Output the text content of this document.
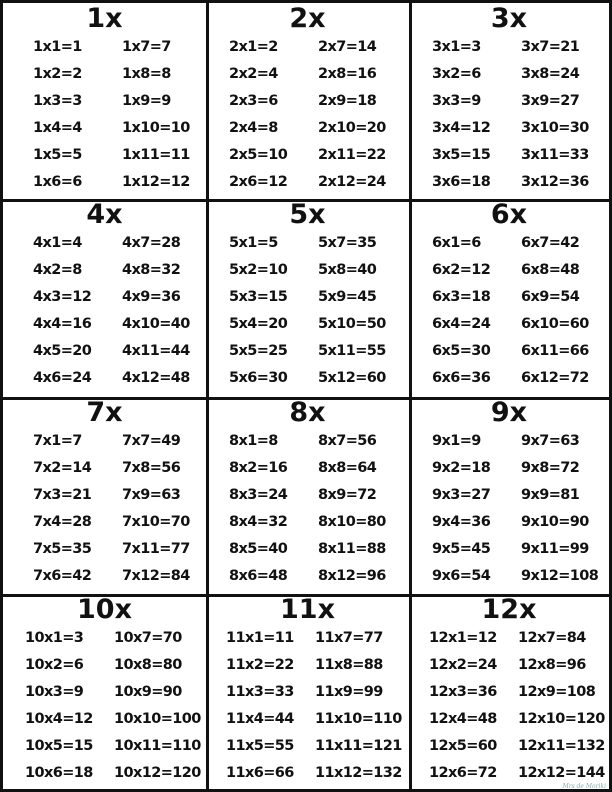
1x
1x1=1
1x2=2
1x3=3
1x4=4
1x5=5
1x6=6
1x7=7
1x8=8
1x9=9
1x10=10
1x11=11
1x12=12
2x
2x1=2
2x2=4
2x3=6
2x4=8
2x5=10
2x6=12
2x7=14
2x8=16
2x9=18
2x10=20
2x11=22
2x12=24
3x
3x1=3
3x2=6
3x3=9
3x4=12
3x5=15
3x6=18
3x7=21
3x8=24
3x9=27
3x10=30
3x11=33
3x12=36
4x
4x1=4
4x2=8
4x3=12
4x4=16
4x5=20
4x6=24
4x7=28
4x8=32
4x9=36
4x10=40
4x11=44
4x12=48
5x
5x1=5
5x2=10
5x3=15
5x4=20
5x5=25
5x6=30
5x7=35
5x8=40
5x9=45
5x10=50
5x11=55
5x12=60
6x
6x1=6
6x2=12
6x3=18
6x4=24
6x5=30
6x6=36
6x7=42
6x8=48
6x9=54
6x10=60
6x11=66
6x12=72
7x
7x1=7
7x2=14
7x3=21
7x4=28
7x5=35
7x6=42
7x7=49
7x8=56
7x9=63
7x10=70
7x11=77
7x12=84
8x
8x1=8
8x2=16
8x3=24
8x4=32
8x5=40
8x6=48
8x7=56
8x8=64
8x9=72
8x10=80
8x11=88
8x12=96
9x
9x1=9
9x2=18
9x3=27
9x4=36
9x5=45
9x6=54
9x7=63
9x8=72
9x9=81
9x10=90
9x11=99
9x12=108
10x
10x1=3
10x2=6
10x3=9
10x4=12
10x5=15
10x6=18
10x7=70
10x8=80
10x9=90
10x10=100
10x11=110
10x12=120
11x
11x1=11
11x2=22
11x3=33
11x4=44
11x5=55
11x6=66
11x7=77
11x8=88
11x9=99
11x10=110
11x11=121
11x12=132
12x
12x1=12
12x2=24
12x3=36
12x4=48
12x5=60
12x6=72
12x7=84
12x8=96
12x9=108
12x10=120
12x11=132
12x12=144
Mrs de Moriki
